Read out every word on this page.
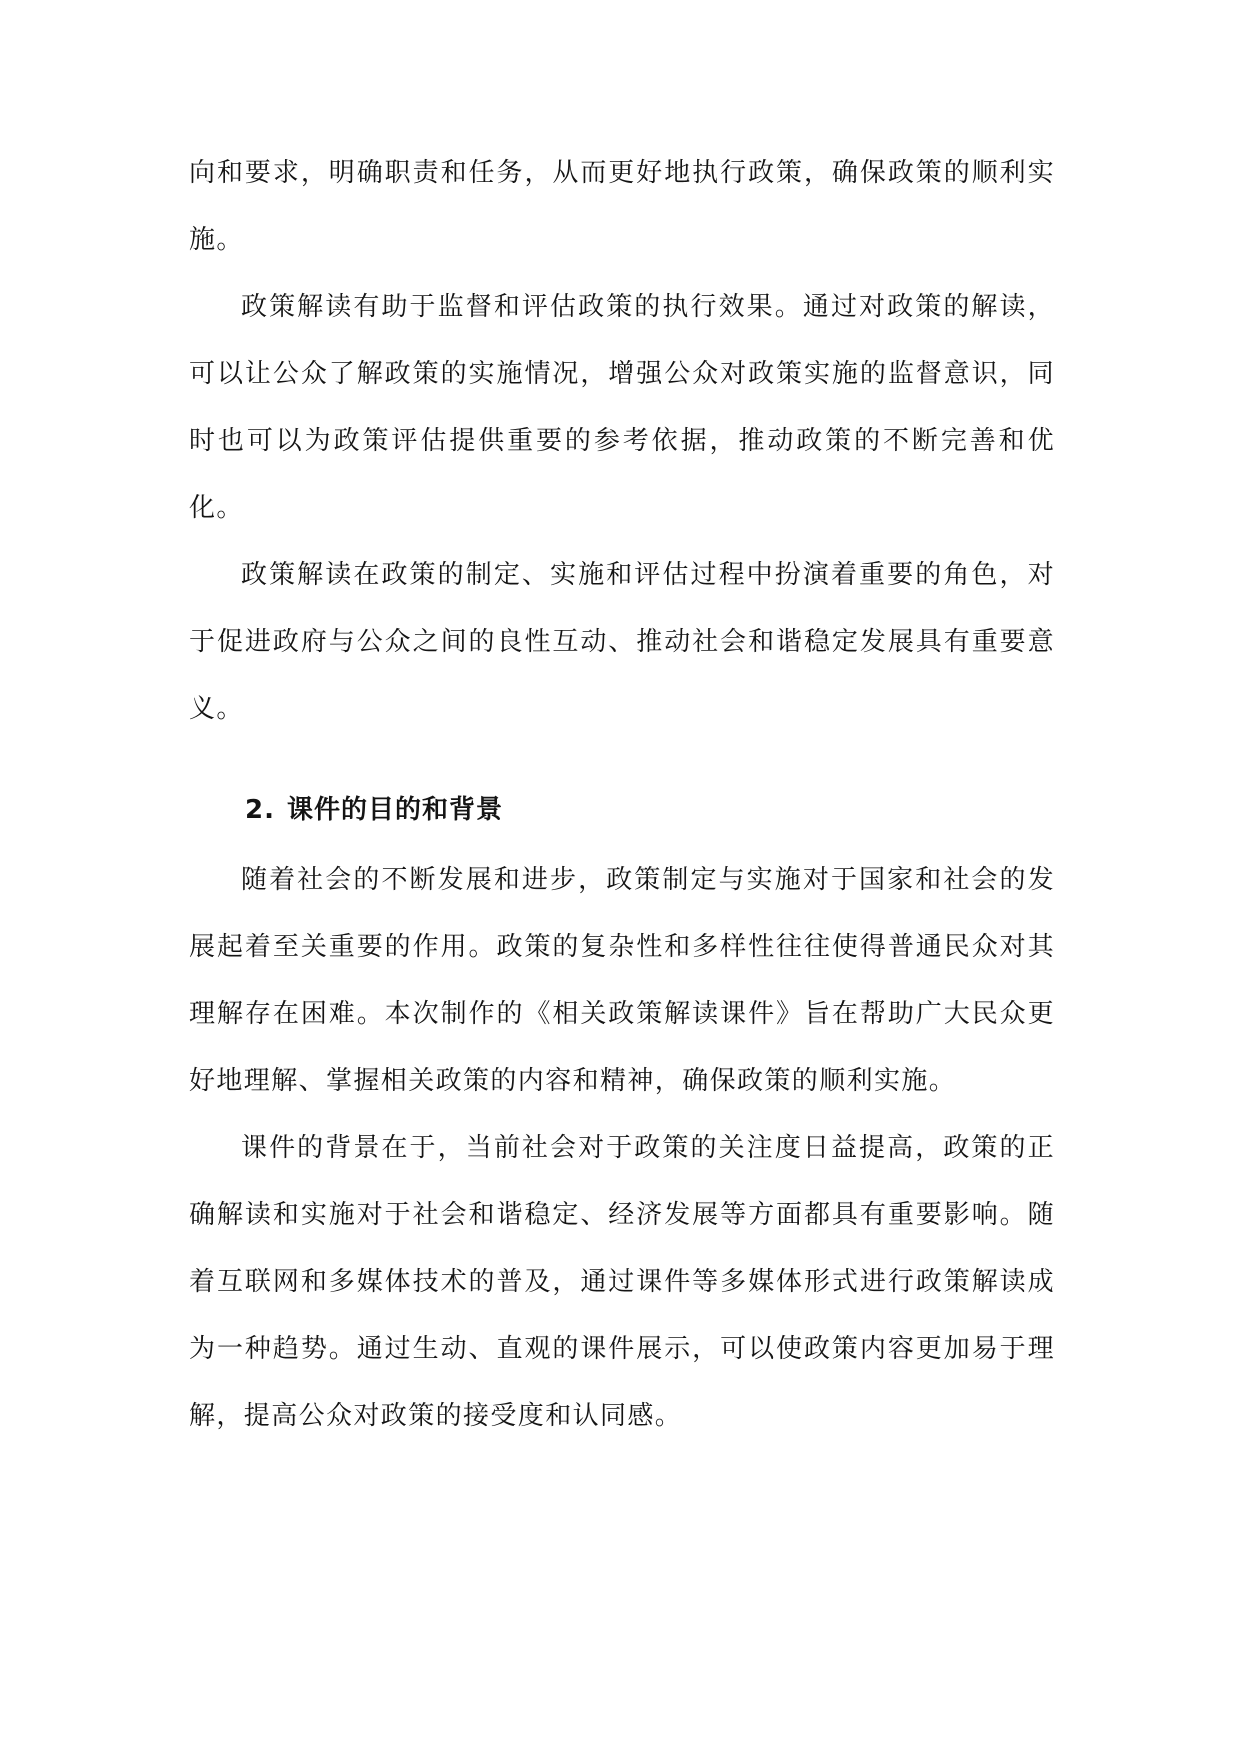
向和要求，明确职责和任务，从而更好地执行政策，确保政策的顺利实施。

政策解读有助于监督和评估政策的执行效果。通过对政策的解读，可以让公众了解政策的实施情况，增强公众对政策实施的监督意识，同时也可以为政策评估提供重要的参考依据，推动政策的不断完善和优化。

政策解读在政策的制定、实施和评估过程中扮演着重要的角色，对于促进政府与公众之间的良性互动、推动社会和谐稳定发展具有重要意义。

2. 课件的目的和背景

随着社会的不断发展和进步，政策制定与实施对于国家和社会的发展起着至关重要的作用。政策的复杂性和多样性往往使得普通民众对其理解存在困难。本次制作的《相关政策解读课件》旨在帮助广大民众更好地理解、掌握相关政策的内容和精神，确保政策的顺利实施。

课件的背景在于，当前社会对于政策的关注度日益提高，政策的正确解读和实施对于社会和谐稳定、经济发展等方面都具有重要影响。随着互联网和多媒体技术的普及，通过课件等多媒体形式进行政策解读成为一种趋势。通过生动、直观的课件展示，可以使政策内容更加易于理解，提高公众对政策的接受度和认同感。
